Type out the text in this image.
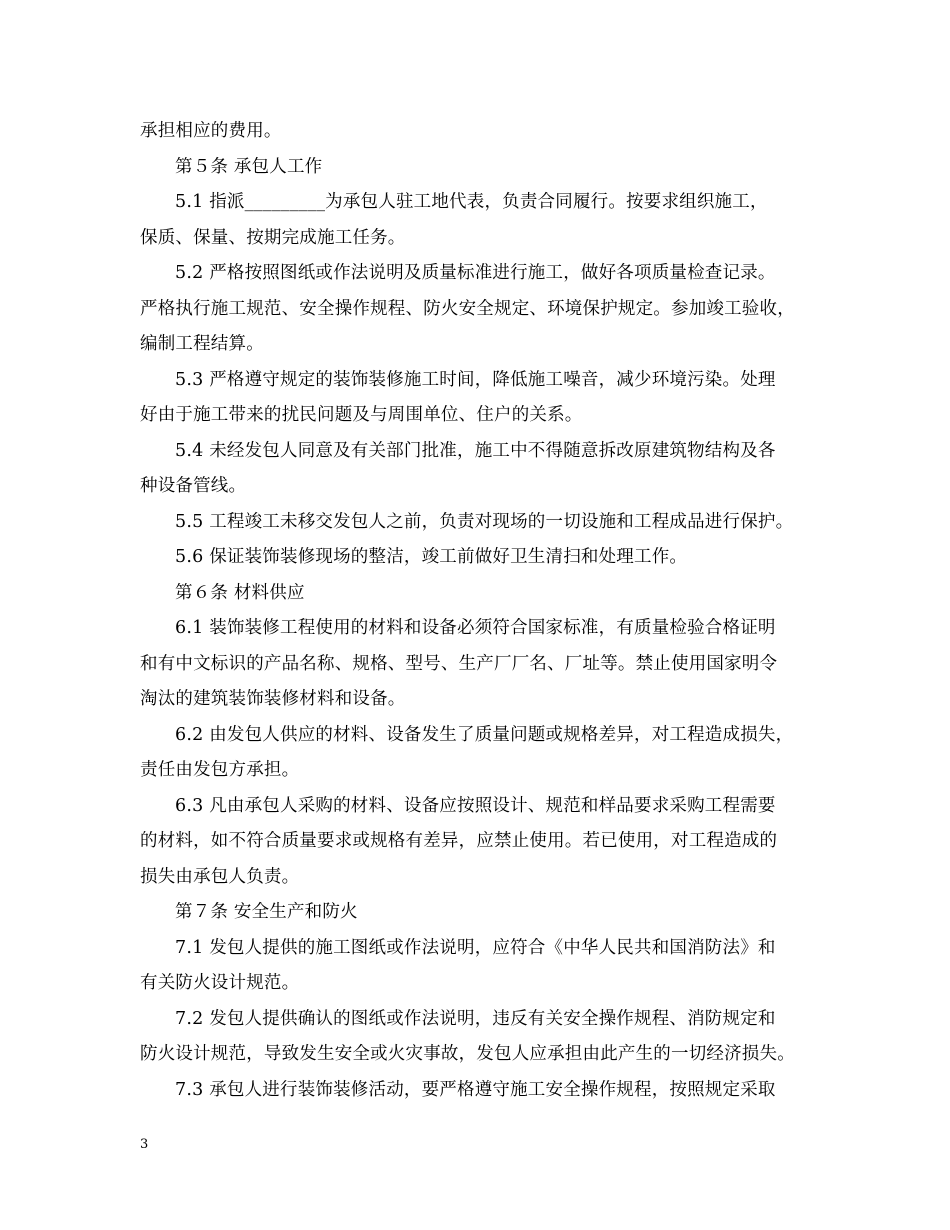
承担相应的费用。
第５条 承包人工作
5.1 指派_________为承包人驻工地代表，负责合同履行。按要求组织施工，
保质、保量、按期完成施工任务。
5.2 严格按照图纸或作法说明及质量标准进行施工，做好各项质量检查记录。
严格执行施工规范、安全操作规程、防火安全规定、环境保护规定。参加竣工验收，
编制工程结算。
5.3 严格遵守规定的装饰装修施工时间，降低施工噪音，减少环境污染。处理
好由于施工带来的扰民问题及与周围单位、住户的关系。
5.4 未经发包人同意及有关部门批准，施工中不得随意拆改原建筑物结构及各
种设备管线。
5.5 工程竣工未移交发包人之前，负责对现场的一切设施和工程成品进行保护。
5.6 保证装饰装修现场的整洁，竣工前做好卫生清扫和处理工作。
第６条 材料供应
6.1 装饰装修工程使用的材料和设备必须符合国家标准，有质量检验合格证明
和有中文标识的产品名称、规格、型号、生产厂厂名、厂址等。禁止使用国家明令
淘汰的建筑装饰装修材料和设备。
6.2 由发包人供应的材料、设备发生了质量问题或规格差异，对工程造成损失，
责任由发包方承担。
6.3 凡由承包人采购的材料、设备应按照设计、规范和样品要求采购工程需要
的材料，如不符合质量要求或规格有差异，应禁止使用。若已使用，对工程造成的
损失由承包人负责。
第７条 安全生产和防火
7.1 发包人提供的施工图纸或作法说明，应符合《中华人民共和国消防法》和
有关防火设计规范。
7.2 发包人提供确认的图纸或作法说明，违反有关安全操作规程、消防规定和
防火设计规范，导致发生安全或火灾事故，发包人应承担由此产生的一切经济损失。
7.3 承包人进行装饰装修活动，要严格遵守施工安全操作规程，按照规定采取
3
